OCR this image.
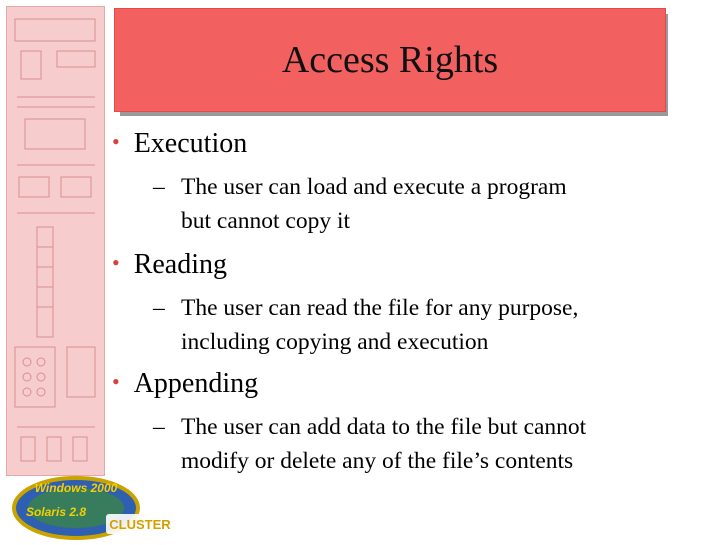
Windows 2000
Solaris 2.8
CLUSTER
Access Rights
• Execution
– The user can load and execute a program
but cannot copy it
• Reading
– The user can read the file for any purpose,
including copying and execution
• Appending
– The user can add data to the file but cannot
modify or delete any of the file’s contents
